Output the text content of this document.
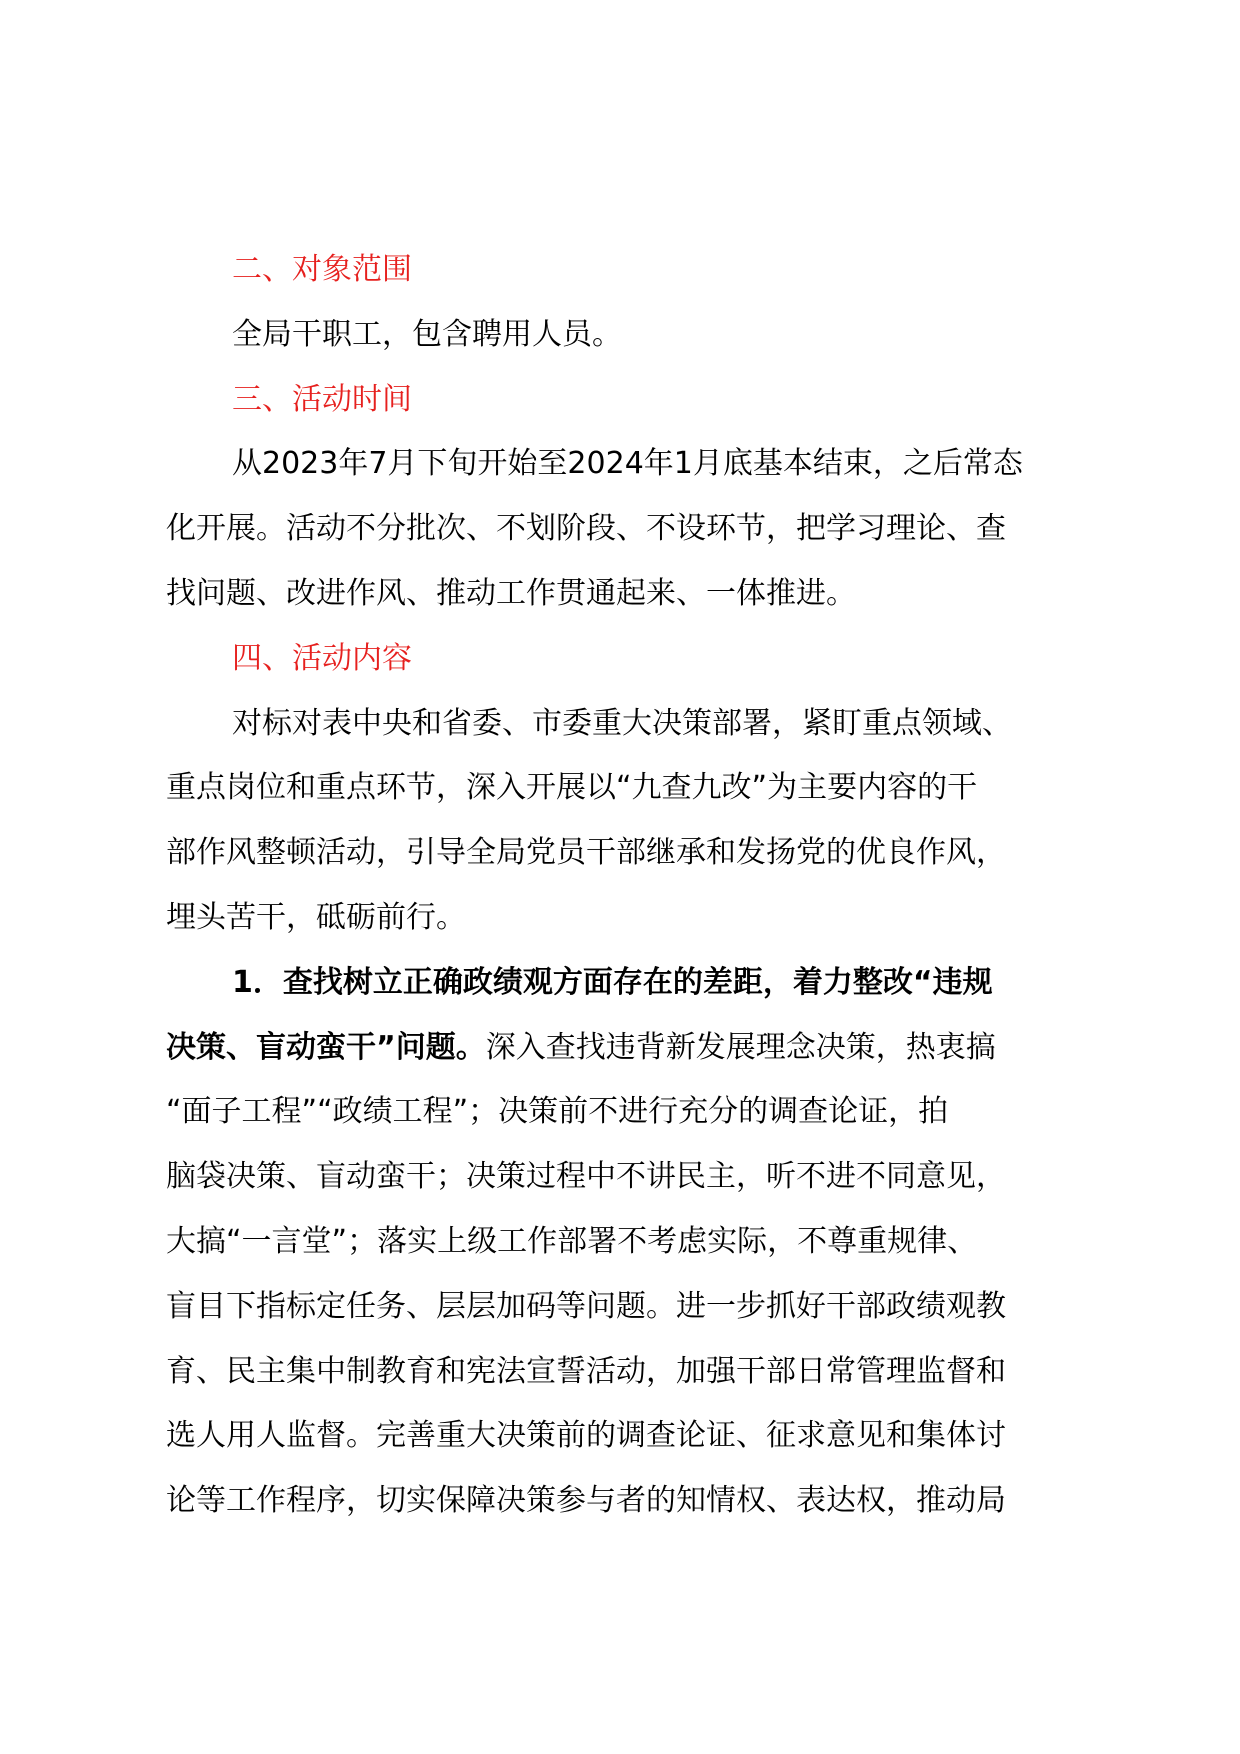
二、对象范围

全局干职工，包含聘用人员。

三、活动时间

从2023年7月下旬开始至2024年1月底基本结束，之后常态

化开展。活动不分批次、不划阶段、不设环节，把学习理论、查

找问题、改进作风、推动工作贯通起来、一体推进。

四、活动内容

对标对表中央和省委、市委重大决策部署，紧盯重点领域、

重点岗位和重点环节，深入开展以“九查九改”为主要内容的干

部作风整顿活动，引导全局党员干部继承和发扬党的优良作风，

埋头苦干，砥砺前行。

1．查找树立正确政绩观方面存在的差距，着力整改“违规

决策、盲动蛮干”问题。深入查找违背新发展理念决策，热衷搞

“面子工程”“政绩工程”；决策前不进行充分的调查论证，拍

脑袋决策、盲动蛮干；决策过程中不讲民主，听不进不同意见，

大搞“一言堂”；落实上级工作部署不考虑实际，不尊重规律、

盲目下指标定任务、层层加码等问题。进一步抓好干部政绩观教

育、民主集中制教育和宪法宣誓活动，加强干部日常管理监督和

选人用人监督。完善重大决策前的调查论证、征求意见和集体讨

论等工作程序，切实保障决策参与者的知情权、表达权，推动局
